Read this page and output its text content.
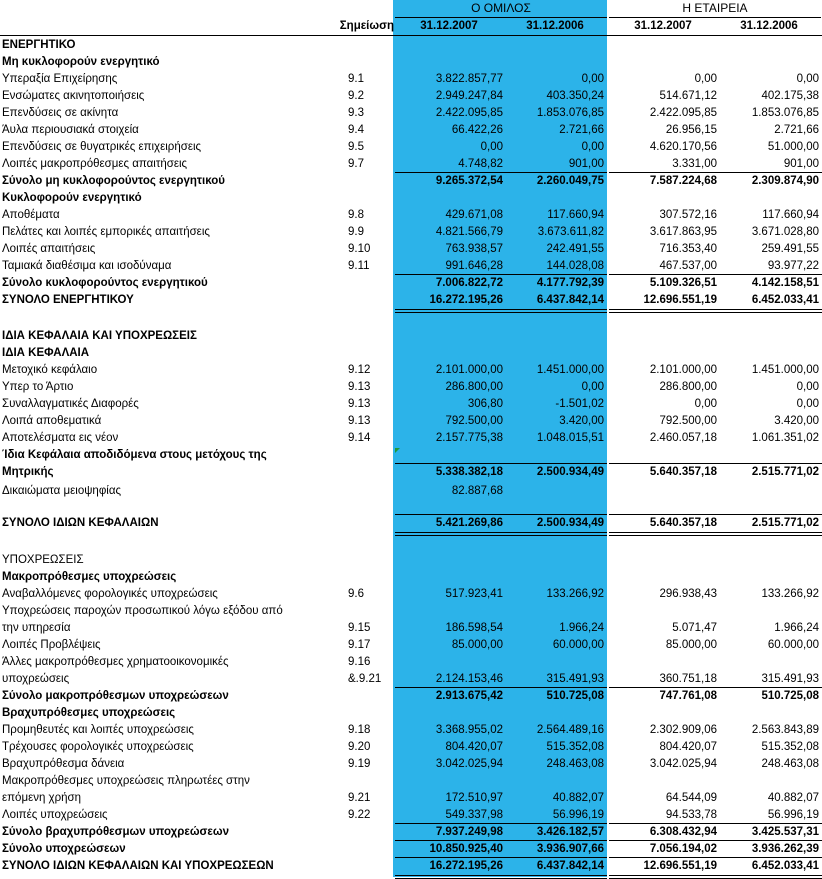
Ο ΟΜΙΛΟΣ	Η ΕΤΑΙΡΕΙΑ
Σημείωση	31.12.2007	31.12.2006	31.12.2007	31.12.2006
ΕΝΕΡΓΗΤΙΚΟ
Μη κυκλοφορούν ενεργητικό
Υπεραξία Επιχείρησης	9.1	3.822.857,77	0,00	0,00	0,00
Ενσώματες ακινητοποιήσεις	9.2	2.949.247,84	403.350,24	514.671,12	402.175,38
Επενδύσεις σε ακίνητα	9.3	2.422.095,85	1.853.076,85	2.422.095,85	1.853.076,85
Άυλα περιουσιακά στοιχεία	9.4	66.422,26	2.721,66	26.956,15	2.721,66
Επενδύσεις σε θυγατρικές επιχειρήσεις	9.5	0,00	0,00	4.620.170,56	51.000,00
Λοιπές μακροπρόθεσμες απαιτήσεις	9.7	4.748,82	901,00	3.331,00	901,00
Σύνολο μη κυκλοφορούντος ενεργητικού	9.265.372,54	2.260.049,75	7.587.224,68	2.309.874,90
Κυκλοφορούν ενεργητικό
Αποθέματα	9.8	429.671,08	117.660,94	307.572,16	117.660,94
Πελάτες και λοιπές εμπορικές απαιτήσεις	9.9	4.821.566,79	3.673.611,82	3.617.863,95	3.671.028,80
Λοιπές απαιτήσεις	9.10	763.938,57	242.491,55	716.353,40	259.491,55
Ταμιακά διαθέσιμα και ισοδύναμα	9.11	991.646,28	144.028,08	467.537,00	93.977,22
Σύνολο κυκλοφορούντος ενεργητικού	7.006.822,72	4.177.792,39	5.109.326,51	4.142.158,51
ΣΥΝΟΛΟ ΕΝΕΡΓΗΤΙΚΟΥ	16.272.195,26	6.437.842,14	12.696.551,19	6.452.033,41
ΙΔΙΑ ΚΕΦΑΛΑΙΑ ΚΑΙ ΥΠΟΧΡΕΩΣΕΙΣ
ΙΔΙΑ ΚΕΦΑΛΑΙΑ
Μετοχικό κεφάλαιο	9.12	2.101.000,00	1.451.000,00	2.101.000,00	1.451.000,00
Υπερ το Άρτιο	9.13	286.800,00	0,00	286.800,00	0,00
Συναλλαγματικές Διαφορές	9.13	306,80	-1.501,02	0,00	0,00
Λοιπά αποθεματικά	9.13	792.500,00	3.420,00	792.500,00	3.420,00
Αποτελέσματα εις νέον	9.14	2.157.775,38	1.048.015,51	2.460.057,18	1.061.351,02
Ίδια Κεφάλαια αποδιδόμενα στους μετόχους της
Μητρικής	5.338.382,18	2.500.934,49	5.640.357,18	2.515.771,02
Δικαιώματα μειοψηφίας	82.887,68
ΣΥΝΟΛΟ ΙΔΙΩΝ ΚΕΦΑΛΑΙΩΝ	5.421.269,86	2.500.934,49	5.640.357,18	2.515.771,02
ΥΠΟΧΡΕΩΣΕΙΣ
Μακροπρόθεσμες υποχρεώσεις
Αναβαλλόμενες φορολογικές υποχρεώσεις	9.6	517.923,41	133.266,92	296.938,43	133.266,92
Υποχρεώσεις παροχών προσωπικού λόγω εξόδου από
την υπηρεσία	9.15	186.598,54	1.966,24	5.071,47	1.966,24
Λοιπές Προβλέψεις	9.17	85.000,00	60.000,00	85.000,00	60.000,00
Άλλες μακροπρόθεσμες χρηματοοικονομικές	9.16
υποχρεώσεις	&.9.21	2.124.153,46	315.491,93	360.751,18	315.491,93
Σύνολο μακροπρόθεσμων υποχρεώσεων	2.913.675,42	510.725,08	747.761,08	510.725,08
Βραχυπρόθεσμες υποχρεώσεις
Προμηθευτές και λοιπές υποχρεώσεις	9.18	3.368.955,02	2.564.489,16	2.302.909,06	2.563.843,89
Τρέχουσες φορολογικές υποχρεώσεις	9.20	804.420,07	515.352,08	804.420,07	515.352,08
Βραχυπρόθεσμα δάνεια	9.19	3.042.025,94	248.463,08	3.042.025,94	248.463,08
Μακροπρόθεσμες υποχρεώσεις πληρωτέες στην
επόμενη χρήση	9.21	172.510,97	40.882,07	64.544,09	40.882,07
Λοιπές υποχρεώσεις	9.22	549.337,98	56.996,19	94.533,78	56.996,19
Σύνολο βραχυπρόθεσμων υποχρεώσεων	7.937.249,98	3.426.182,57	6.308.432,94	3.425.537,31
Σύνολο υποχρεώσεων	10.850.925,40	3.936.907,66	7.056.194,02	3.936.262,39
ΣΥΝΟΛΟ ΙΔΙΩΝ ΚΕΦΑΛΑΙΩΝ ΚΑΙ ΥΠΟΧΡΕΩΣΕΩΝ	16.272.195,26	6.437.842,14	12.696.551,19	6.452.033,41
